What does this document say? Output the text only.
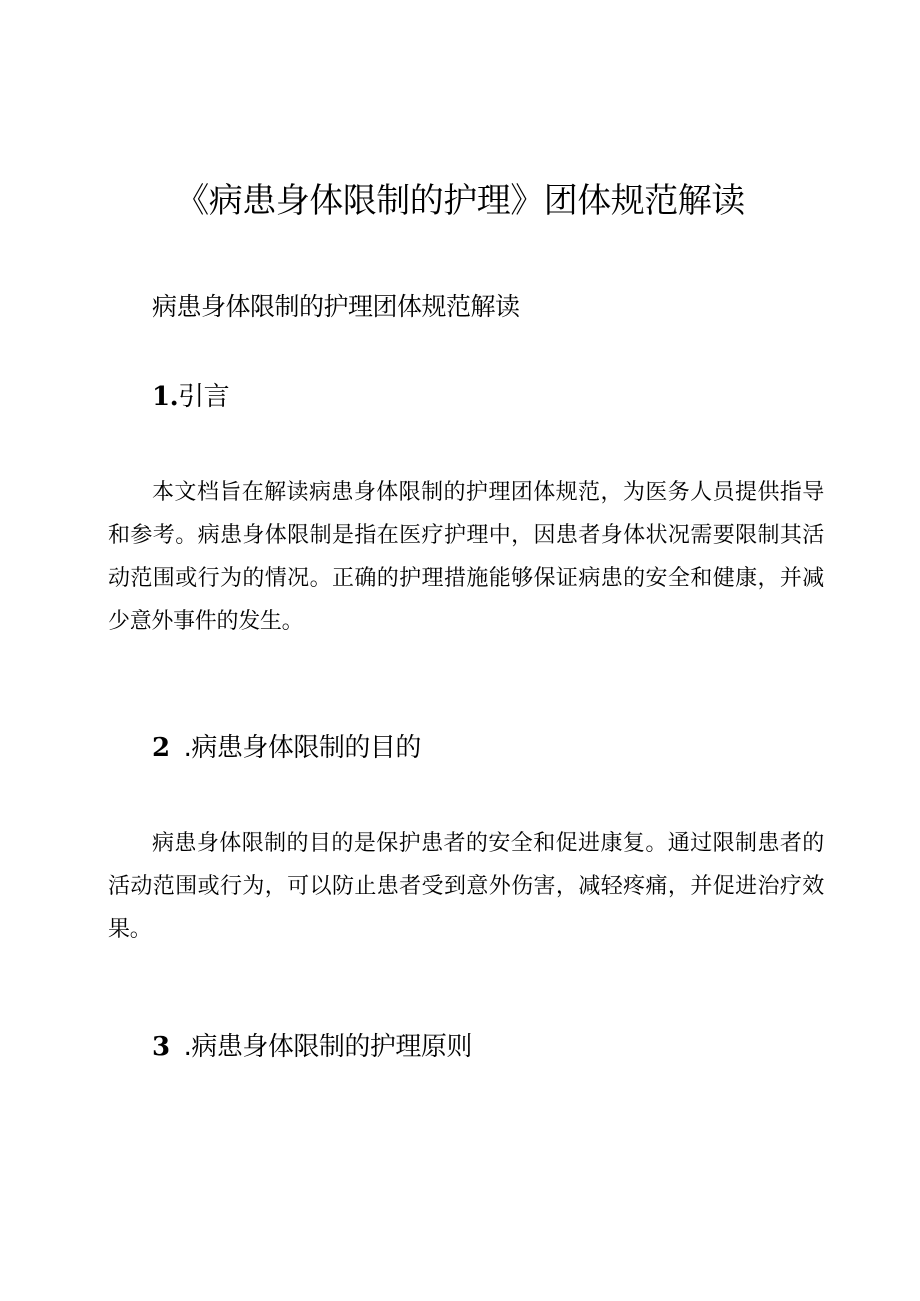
《病患身体限制的护理》团体规范解读
病患身体限制的护理团体规范解读
1.引言

本文档旨在解读病患身体限制的护理团体规范，为医务人员提供指导和参考。病患身体限制是指在医疗护理中，因患者身体状况需要限制其活动范围或行为的情况。正确的护理措施能够保证病患的安全和健康，并减少意外事件的发生。

2 .病患身体限制的目的

病患身体限制的目的是保护患者的安全和促进康复。通过限制患者的活动范围或行为，可以防止患者受到意外伤害，减轻疼痛，并促进治疗效果。

3 .病患身体限制的护理原则
